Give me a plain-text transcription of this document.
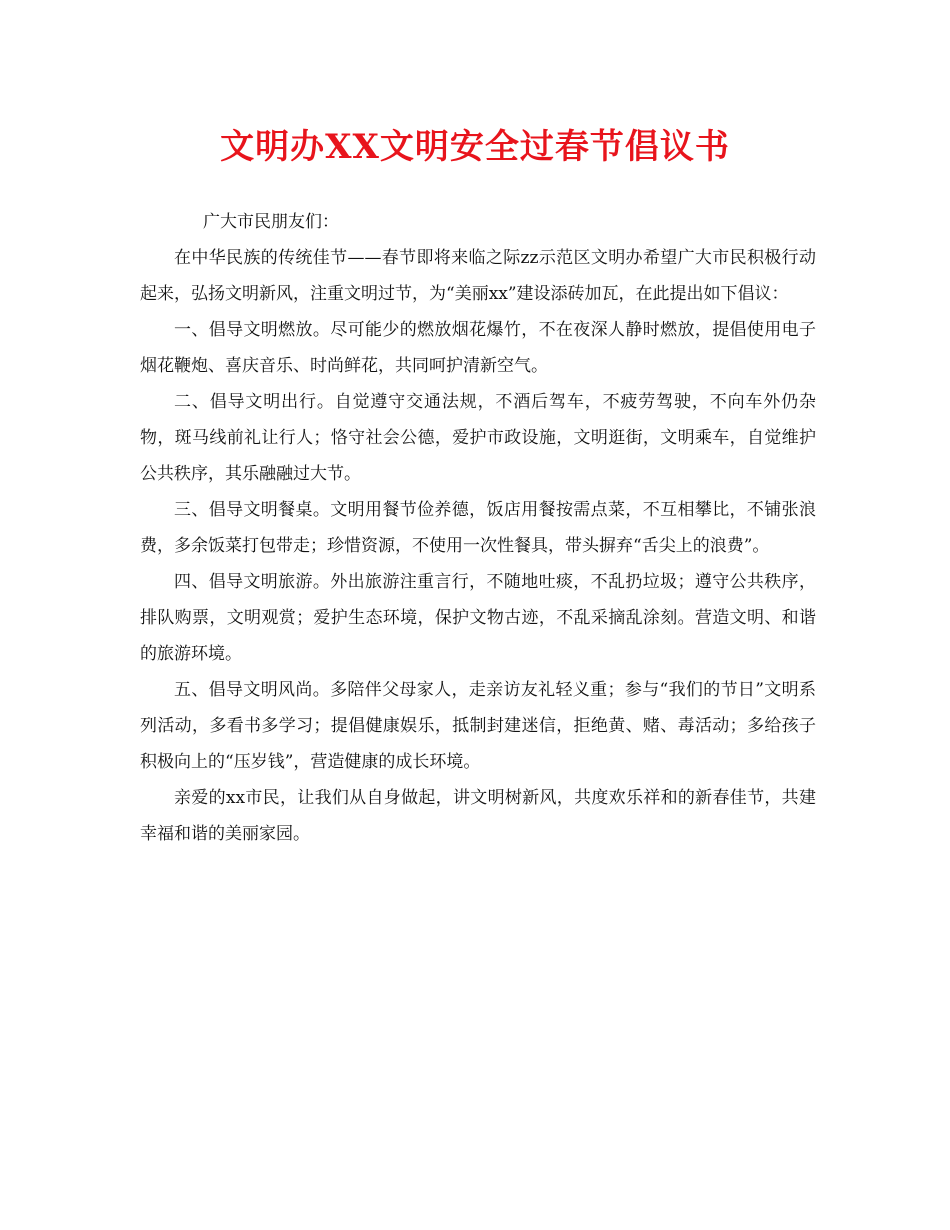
文明办XX文明安全过春节倡议书

广大市民朋友们：

在中华民族的传统佳节——春节即将来临之际zz示范区文明办希望广大市民积极行动起来，弘扬文明新风，注重文明过节，为“美丽xx”建设添砖加瓦，在此提出如下倡议：

一、倡导文明燃放。尽可能少的燃放烟花爆竹，不在夜深人静时燃放，提倡使用电子烟花鞭炮、喜庆音乐、时尚鲜花，共同呵护清新空气。

二、倡导文明出行。自觉遵守交通法规，不酒后驾车，不疲劳驾驶，不向车外仍杂物，斑马线前礼让行人；恪守社会公德，爱护市政设施，文明逛街，文明乘车，自觉维护公共秩序，其乐融融过大节。

三、倡导文明餐桌。文明用餐节俭养德，饭店用餐按需点菜，不互相攀比，不铺张浪费，多余饭菜打包带走；珍惜资源，不使用一次性餐具，带头摒弃“舌尖上的浪费”。

四、倡导文明旅游。外出旅游注重言行，不随地吐痰，不乱扔垃圾；遵守公共秩序，排队购票，文明观赏；爱护生态环境，保护文物古迹，不乱采摘乱涂刻。营造文明、和谐的旅游环境。

五、倡导文明风尚。多陪伴父母家人，走亲访友礼轻义重；参与“我们的节日”文明系列活动，多看书多学习；提倡健康娱乐，抵制封建迷信，拒绝黄、赌、毒活动；多给孩子积极向上的“压岁钱”，营造健康的成长环境。

亲爱的xx市民，让我们从自身做起，讲文明树新风，共度欢乐祥和的新春佳节，共建幸福和谐的美丽家园。
